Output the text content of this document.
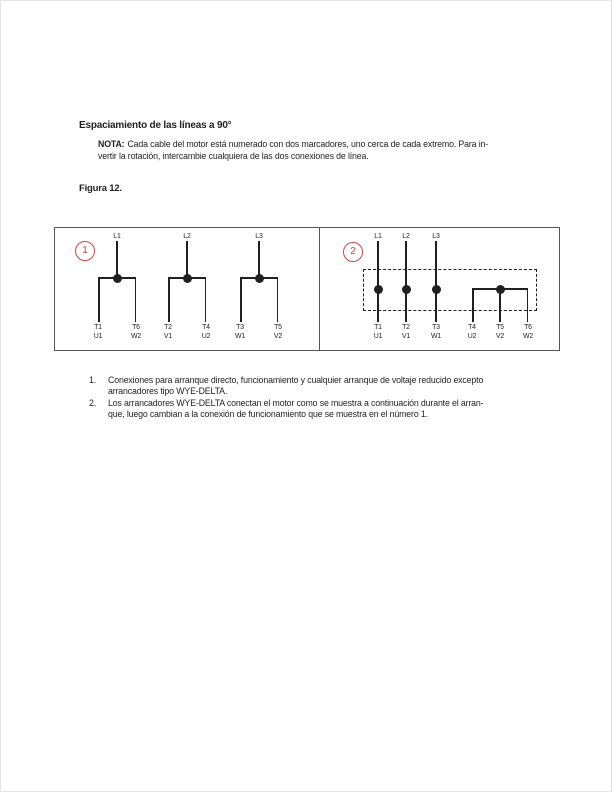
Espaciamiento de las líneas a 90°
NOTA: Cada cable del motor está numerado con dos marcadores, uno cerca de cada extremo. Para in-
vertir la rotación, intercambie cualquiera de las dos conexiones de línea.
Figura 12.
1
L1
T1
U1
T6
W2
L2
T2
V1
T4
U2
L3
T3
W1
T5
V2
2
L1	L2	L3
T1
U1
T2
V1
T3
W1
T4
U2
T5
V2
T6
W2
1.	Conexiones para arranque directo, funcionamiento y cualquier arranque de voltaje reducido excepto
arrancadores tipo WYE-DELTA.
2.	Los arrancadores WYE-DELTA conectan el motor como se muestra a continuación durante el arran-
que, luego cambian a la conexión de funcionamiento que se muestra en el número 1.
